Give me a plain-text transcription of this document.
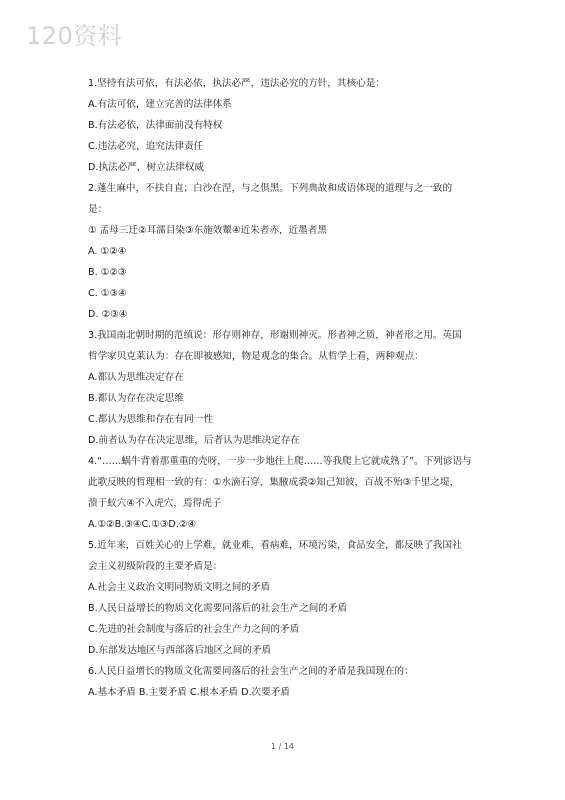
120资料
1.坚持有法可依，有法必依，执法必严，违法必究的方针，其核心是：
A.有法可依，建立完善的法律体系
B.有法必依，法律面前没有特权
C.违法必究，追究法律责任
D.执法必严，树立法律权威
2.蓬生麻中，不扶自直；白沙在涅，与之俱黑。下列典故和成语体现的道理与之一致的
是：
① 孟母三迁②耳濡目染③东施效颦④近朱者赤，近墨者黑
A. ①②④
B. ①②③
C. ①③④
D. ②③④
3.我国南北朝时期的范缜说：形存则神存，形谢则神灭。形者神之质，神者形之用。英国
哲学家贝克莱认为：存在即被感知，物是观念的集合。从哲学上看，两种观点：
A.都认为思维决定存在
B.都认为存在决定思维
C.都认为思维和存在有同一性
D.前者认为存在决定思维，后者认为思维决定存在
4.“……蜗牛背着那重重的壳呀，一步一步地往上爬……等我爬上它就成熟了”。下列谚语与
此歌反映的哲理相一致的有：①水滴石穿，集腋成裘②知己知彼，百战不殆③千里之堤，
溃于蚁穴④不入虎穴，焉得虎子
A.①②B.③④C.①③D.②④
5.近年来，百姓关心的上学难，就业难，看病难，环境污染，食品安全，都反映了我国社
会主义初级阶段的主要矛盾是：
A.社会主义政治文明同物质文明之间的矛盾
B.人民日益增长的物质文化需要同落后的社会生产之间的矛盾
C.先进的社会制度与落后的社会生产力之间的矛盾
D.东部发达地区与西部落后地区之间的矛盾
6.人民日益增长的物质文化需要同落后的社会生产之间的矛盾是我国现在的：
A.基本矛盾 B.主要矛盾 C.根本矛盾 D.次要矛盾
1 / 14
